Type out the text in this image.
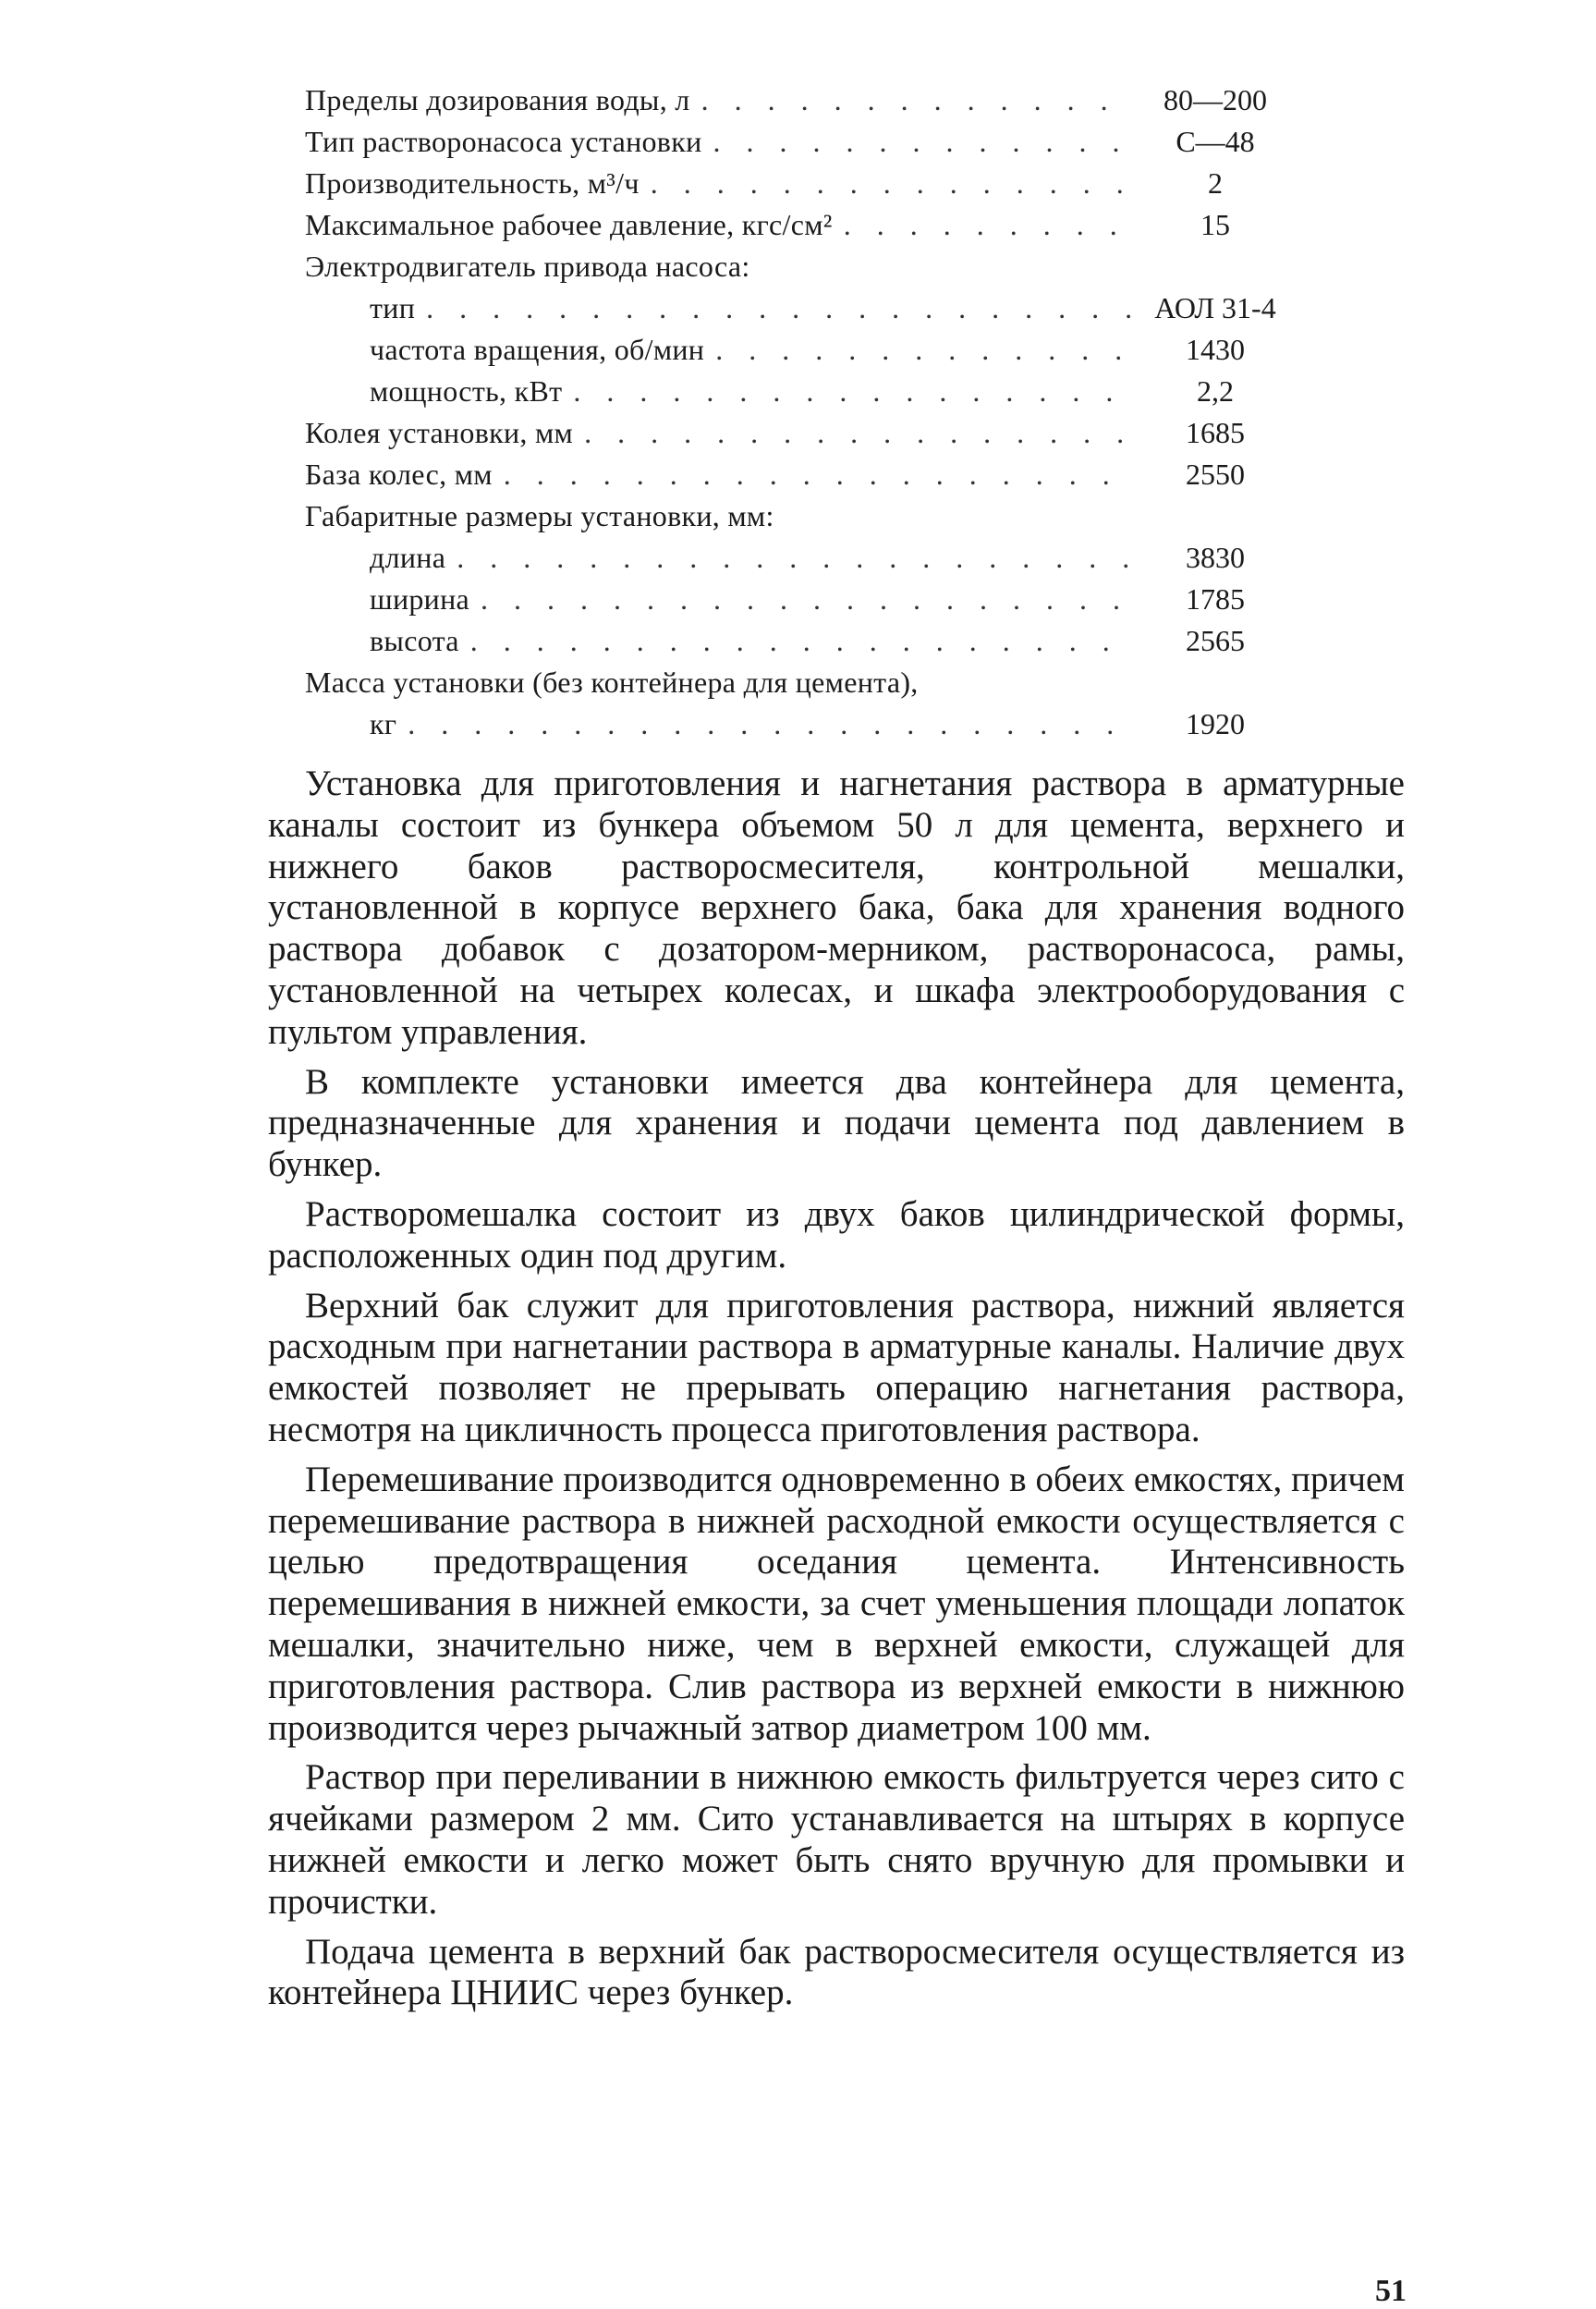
Пределы дозирования воды, л . . .	80—200
Тип растворонасоса установки . . .	С—48
Производительность, м³/ч . . .	2
Максимальное рабочее давление, кгс/см² . . .	15
Электродвигатель привода насоса:
тип . . .	АОЛ 31-4
частота вращения, об/мин . . .	1430
мощность, кВт . . .	2,2
Колея установки, мм . . .	1685
База колес, мм . . .	2550
Габаритные размеры установки, мм:
длина . . .	3830
ширина . . .	1785
высота . . .	2565
Масса установки (без контейнера для цемента),
кг . . .	1920

Установка для приготовления и нагнетания раствора в арматурные каналы состоит из бункера объемом 50 л для цемента, верхнего и нижнего баков растворосмесителя, контрольной мешалки, установленной в корпусе верхнего бака, бака для хранения водного раствора добавок с дозатором-мерником, растворонасоса, рамы, установленной на четырех колесах, и шкафа электрооборудования с пультом управления.

В комплекте установки имеется два контейнера для цемента, предназначенные для хранения и подачи цемента под давлением в бункер.

Растворомешалка состоит из двух баков цилиндрической формы, расположенных один под другим.

Верхний бак служит для приготовления раствора, нижний является расходным при нагнетании раствора в арматурные каналы. Наличие двух емкостей позволяет не прерывать операцию нагнетания раствора, несмотря на цикличность процесса приготовления раствора.

Перемешивание производится одновременно в обеих емкостях, причем перемешивание раствора в нижней расходной емкости осуществляется с целью предотвращения оседания цемента. Интенсивность перемешивания в нижней емкости, за счет уменьшения площади лопаток мешалки, значительно ниже, чем в верхней емкости, служащей для приготовления раствора. Слив раствора из верхней емкости в нижнюю производится через рычажный затвор диаметром 100 мм.

Раствор при переливании в нижнюю емкость фильтруется через сито с ячейками размером 2 мм. Сито устанавливается на штырях в корпусе нижней емкости и легко может быть снято вручную для промывки и прочистки.

Подача цемента в верхний бак растворосмесителя осуществляется из контейнера ЦНИИС через бункер.

51
